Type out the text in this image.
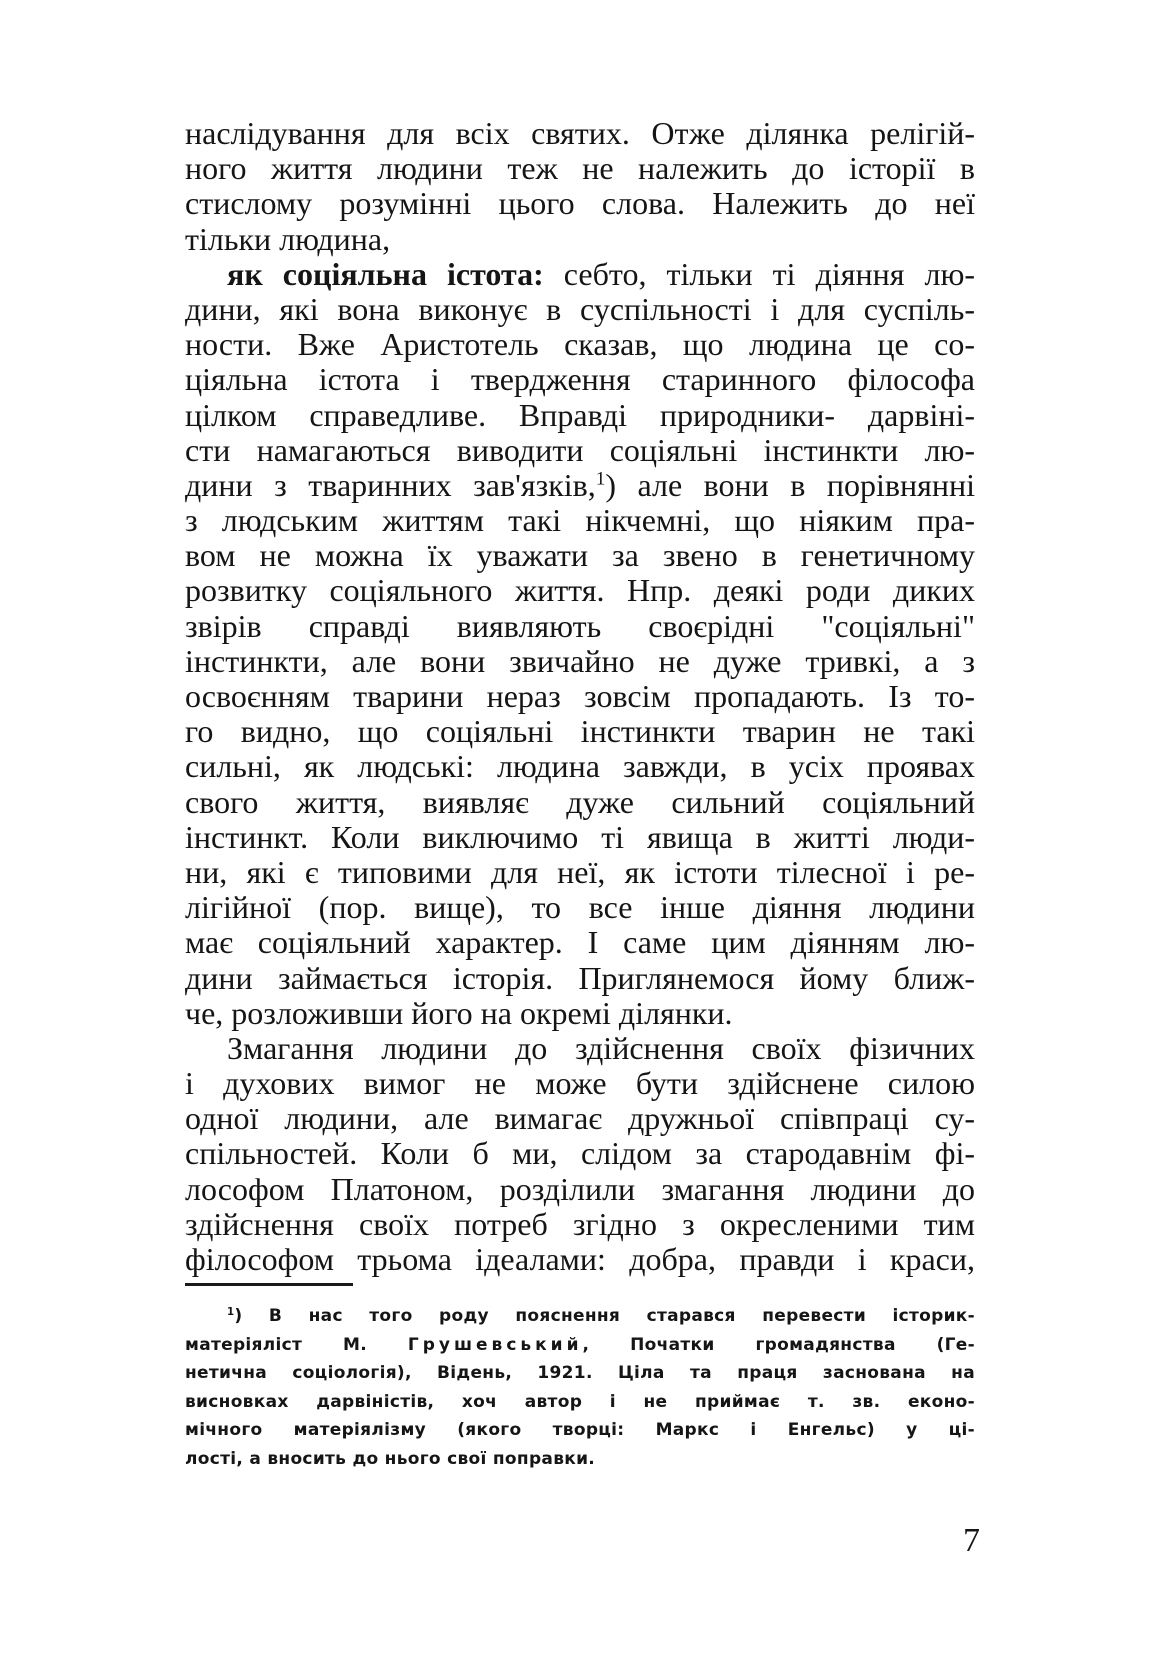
наслідування для всіх святих. Отже ділянка релігій-
ного життя людини теж не належить до історії в
стислому розумінні цього слова. Належить до неї
тільки людина,
як соціяльна істота: себто, тільки ті діяння лю-
дини, які вона виконує в суспільності і для суспіль-
ности. Вже Аристотель сказав, що людина це со-
ціяльна істота і твердження старинного філософа
цілком справедливе. Вправді природники- дарвіні-
сти намагаються виводити соціяльні інстинкти лю-
дини з тваринних зав'язків,$^1$) але вони в порівнянні
з людським життям такі нікчемні, що ніяким пра-
вом не можна їх уважати за звено в генетичному
розвитку соціяльного життя. Нпр. деякі роди диких
звірів справді виявляють своєрідні "соціяльні"
інстинкти, але вони звичайно не дуже тривкі, а з
освоєнням тварини нераз зовсім пропадають. Із то-
го видно, що соціяльні інстинкти тварин не такі
сильні, як людські: людина завжди, в усіх проявах
свого життя, виявляє дуже сильний соціяльний
інстинкт. Коли виключимо ті явища в житті люди-
ни, які є типовими для неї, як істоти тілесної і ре-
лігійної (пор. вище), то все інше діяння людини
має соціяльний характер. І саме цим діянням лю-
дини займається історія. Приглянемося йому ближ-
че, розложивши його на окремі ділянки.
Змагання людини до здійснення своїх фізичних
і духових вимог не може бути здійснене силою
одної людини, але вимагає дружньої співпраці су-
спільностей. Коли б ми, слідом за стародавнім фі-
лософом Платоном, розділили змагання людини до
здійснення своїх потреб згідно з окресленими тим
філософом трьома ідеалами: добра, правди і краси,
$^1$) В нас того роду пояснення старався перевести історик-
матеріяліст М. Грушевський, Початки громадянства (Ге-
нетична соціологія), Відень, 1921. Ціла та праця заснована на
висновках дарвіністів, хоч автор і не приймає т. зв. еконо-
мічного матеріялізму (якого творці: Маркс і Енгельс) у ці-
лості, а вносить до нього свої поправки.
7
